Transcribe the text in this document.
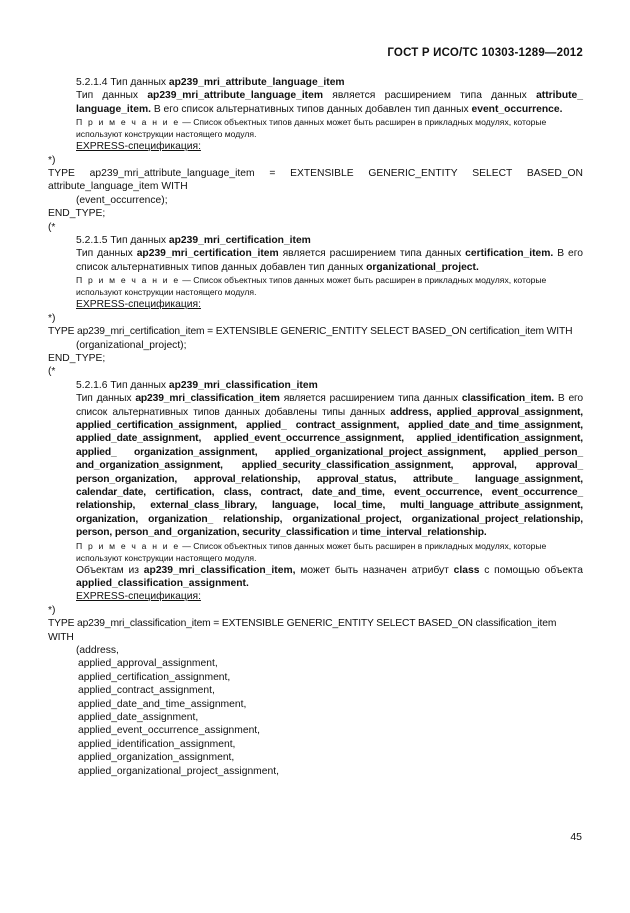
ГОСТ Р ИСО/ТС 10303-1289—2012

5.2.1.4 Тип данных ap239_mri_attribute_language_item

Тип данных ap239_mri_attribute_language_item является расширением типа данных attribute_ language_item. В его список альтернативных типов данных добавлен тип данных event_occurrence.

П р и м е ч а н и е — Список объектных типов данных может быть расширен в прикладных модулях, которые используют конструкции настоящего модуля.

EXPRESS-спецификация:

*)

TYPE ap239_mri_attribute_language_item = EXTENSIBLE GENERIC_ENTITY SELECT BASED_ON attribute_language_item WITH

(event_occurrence);

END_TYPE;

(*

5.2.1.5 Тип данных ap239_mri_certification_item

Тип данных ap239_mri_certification_item является расширением типа данных certification_item. В его список альтернативных типов данных добавлен тип данных organizational_project.

П р и м е ч а н и е — Список объектных типов данных может быть расширен в прикладных модулях, которые используют конструкции настоящего модуля.

EXPRESS-спецификация:

*)

TYPE ap239_mri_certification_item = EXTENSIBLE GENERIC_ENTITY SELECT BASED_ON certification_item WITH

(organizational_project);

END_TYPE;

(*

5.2.1.6 Тип данных ap239_mri_classification_item

Тип данных ap239_mri_classification_item является расширением типа данных classification_item. В его список альтернативных типов данных добавлены типы данных address, applied_approval_assignment, applied_certification_assignment, applied_ contract_assignment, applied_date_and_time_assignment, applied_date_assignment, applied_event_occurrence_assignment, applied_identification_assignment, applied_ organization_assignment, applied_organizational_project_assignment, applied_person_ and_organization_assignment, applied_security_classification_assignment, approval, approval_ person_organization, approval_relationship, approval_status, attribute_ language_assignment, calendar_date, certification, class, contract, date_and_time, event_occurrence, event_occurrence_ relationship, external_class_library, language, local_time, multi_language_attribute_assignment, organization, organization_ relationship, organizational_project, organizational_project_relationship, person, person_and_organization, security_classification и time_interval_relationship.

П р и м е ч а н и е — Список объектных типов данных может быть расширен в прикладных модулях, которые используют конструкции настоящего модуля.

Объектам из ap239_mri_classification_item, может быть назначен атрибут class с помощью объекта applied_classification_assignment.

EXPRESS-спецификация:

*)

TYPE ap239_mri_classification_item = EXTENSIBLE GENERIC_ENTITY SELECT BASED_ON classification_item WITH

(address,

applied_approval_assignment,

applied_certification_assignment,

applied_contract_assignment,

applied_date_and_time_assignment,

applied_date_assignment,

applied_event_occurrence_assignment,

applied_identification_assignment,

applied_organization_assignment,

applied_organizational_project_assignment,

45
